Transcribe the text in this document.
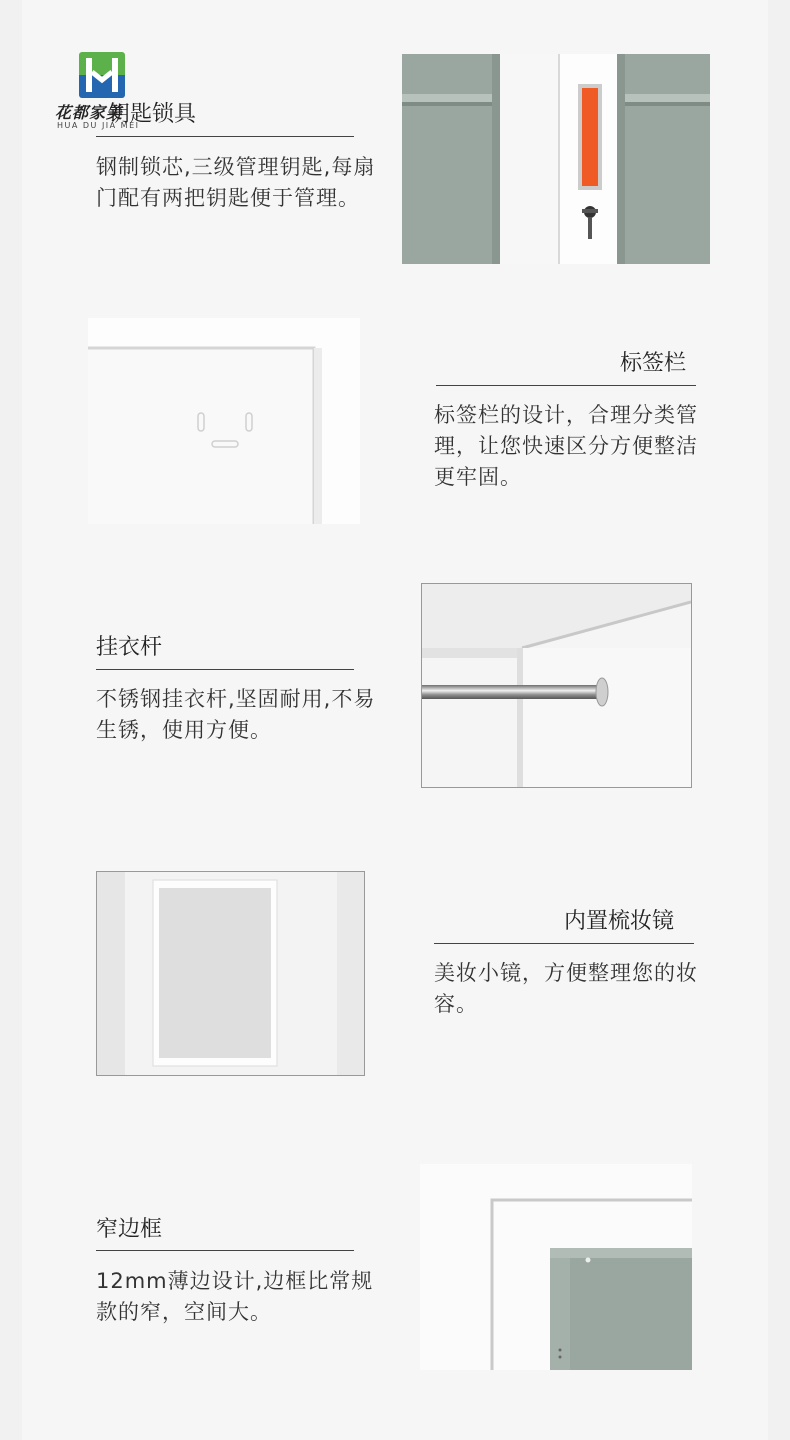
花都家美
HUA DU JIA MEI
钥匙锁具
钢制锁芯,三级管理钥匙,每扇门配有两把钥匙便于管理。
标签栏
标签栏的设计，合理分类管理，让您快速区分方便整洁更牢固。
挂衣杆
不锈钢挂衣杆,坚固耐用,不易生锈，使用方便。
内置梳妆镜
美妆小镜，方便整理您的妆容。
窄边框
12mm薄边设计,边框比常规款的窄，空间大。
